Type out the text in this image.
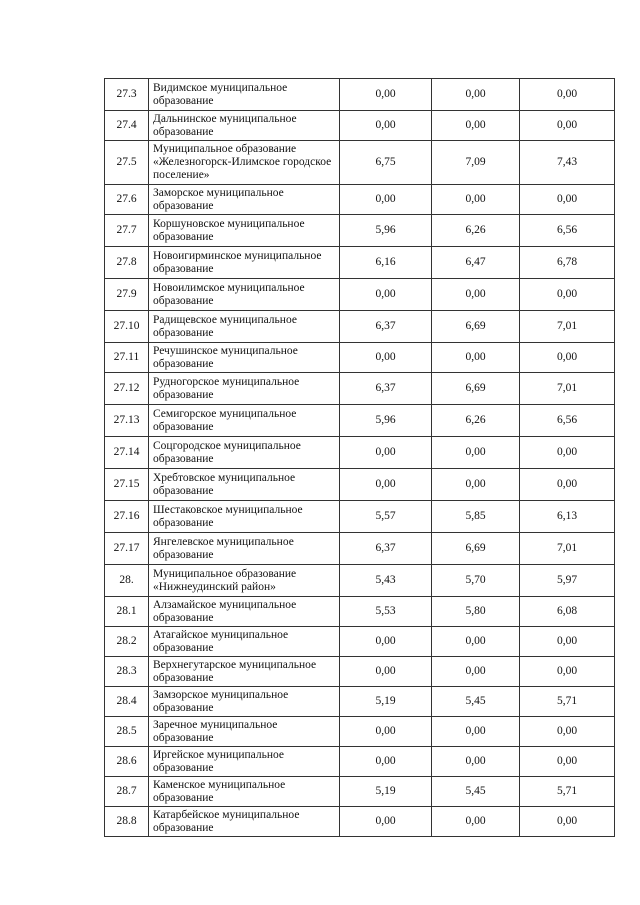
27.3	Видимское муниципальное образование	0,00	0,00	0,00
27.4	Дальнинское муниципальное образование	0,00	0,00	0,00
27.5	Муниципальное образование «Железногорск-Илимское городское поселение»	6,75	7,09	7,43
27.6	Заморское муниципальное образование	0,00	0,00	0,00
27.7	Коршуновское муниципальное образование	5,96	6,26	6,56
27.8	Новоигирминское муниципальное образование	6,16	6,47	6,78
27.9	Новоилимское муниципальное образование	0,00	0,00	0,00
27.10	Радищевское муниципальное образование	6,37	6,69	7,01
27.11	Речушинское муниципальное образование	0,00	0,00	0,00
27.12	Рудногорское муниципальное образование	6,37	6,69	7,01
27.13	Семигорское муниципальное образование	5,96	6,26	6,56
27.14	Соцгородское муниципальное образование	0,00	0,00	0,00
27.15	Хребтовское муниципальное образование	0,00	0,00	0,00
27.16	Шестаковское муниципальное образование	5,57	5,85	6,13
27.17	Янгелевское муниципальное образование	6,37	6,69	7,01
28.	Муниципальное образование «Нижнеудинский район»	5,43	5,70	5,97
28.1	Алзамайское муниципальное образование	5,53	5,80	6,08
28.2	Атагайское муниципальное образование	0,00	0,00	0,00
28.3	Верхнегутарское муниципальное образование	0,00	0,00	0,00
28.4	Замзорское муниципальное образование	5,19	5,45	5,71
28.5	Заречное муниципальное образование	0,00	0,00	0,00
28.6	Иргейское муниципальное образование	0,00	0,00	0,00
28.7	Каменское муниципальное образование	5,19	5,45	5,71
28.8	Катарбейское муниципальное образование	0,00	0,00	0,00
